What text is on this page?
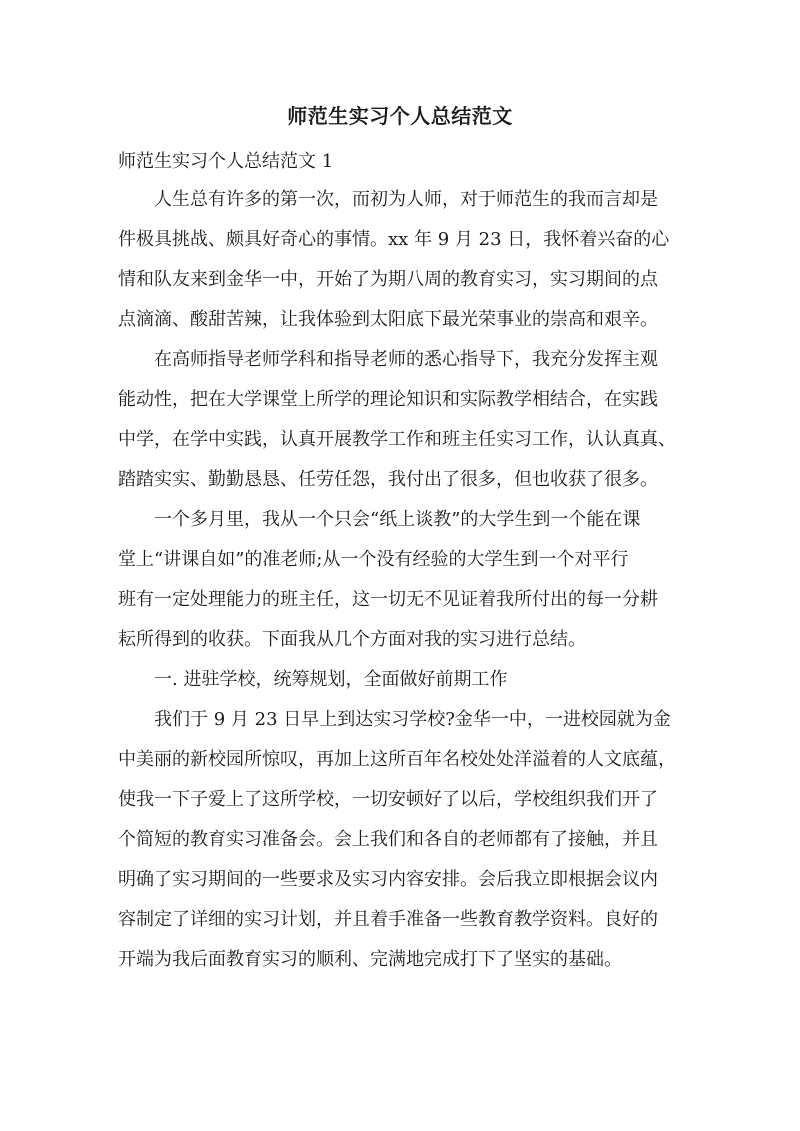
师范生实习个人总结范文
师范生实习个人总结范文 1
人生总有许多的第一次，而初为人师，对于师范生的我而言却是
件极具挑战、颇具好奇心的事情。xx 年 9 月 23 日，我怀着兴奋的心
情和队友来到金华一中，开始了为期八周的教育实习，实习期间的点
点滴滴、酸甜苦辣，让我体验到太阳底下最光荣事业的崇高和艰辛。
在高师指导老师学科和指导老师的悉心指导下，我充分发挥主观
能动性，把在大学课堂上所学的理论知识和实际教学相结合，在实践
中学，在学中实践，认真开展教学工作和班主任实习工作，认认真真、
踏踏实实、勤勤恳恳、任劳任怨，我付出了很多，但也收获了很多。
一个多月里，我从一个只会“纸上谈教”的大学生到一个能在课
堂上“讲课自如”的准老师;从一个没有经验的大学生到一个对平行
班有一定处理能力的班主任，这一切无不见证着我所付出的每一分耕
耘所得到的收获。下面我从几个方面对我的实习进行总结。
一. 进驻学校，统筹规划，全面做好前期工作
我们于 9 月 23 日早上到达实习学校?金华一中，一进校园就为金
中美丽的新校园所惊叹，再加上这所百年名校处处洋溢着的人文底蕴，
使我一下子爱上了这所学校，一切安顿好了以后，学校组织我们开了
个简短的教育实习准备会。会上我们和各自的老师都有了接触，并且
明确了实习期间的一些要求及实习内容安排。会后我立即根据会议内
容制定了详细的实习计划，并且着手准备一些教育教学资料。良好的
开端为我后面教育实习的顺利、完满地完成打下了坚实的基础。
